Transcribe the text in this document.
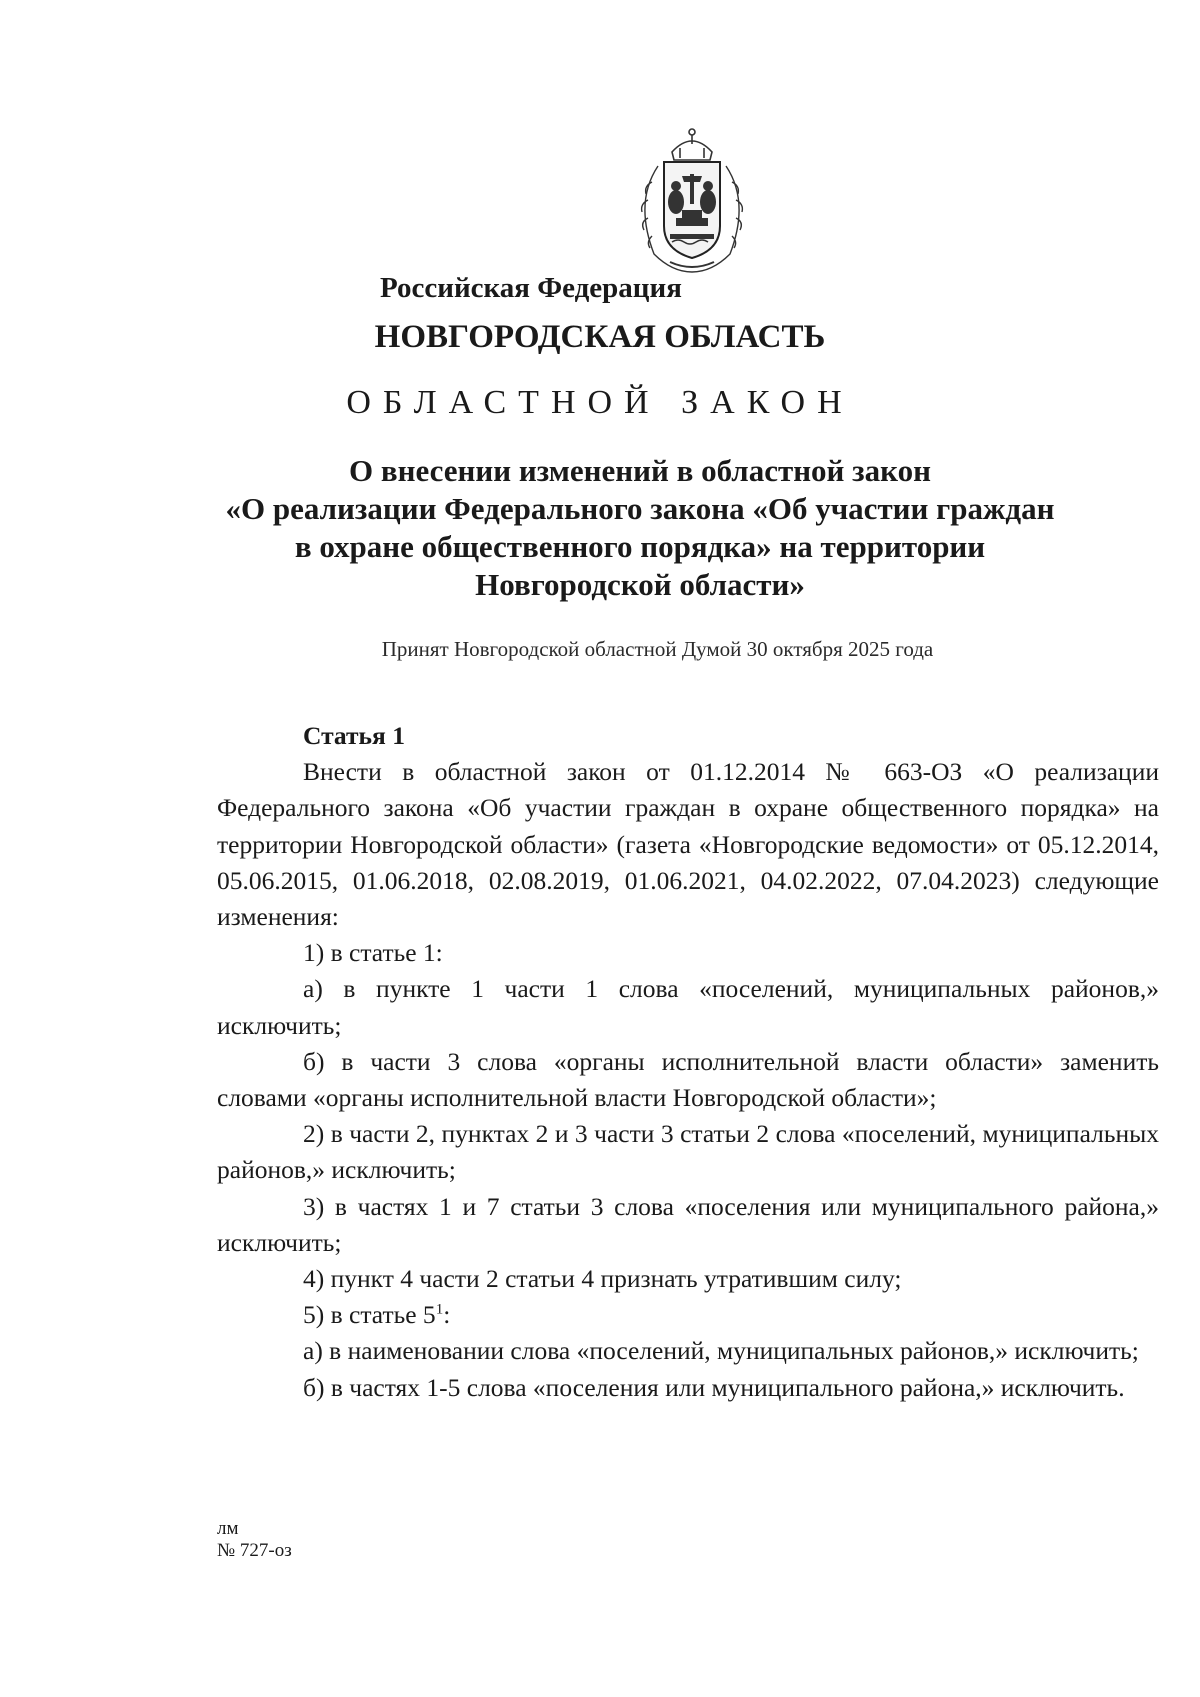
Российская Федерация
НОВГОРОДСКАЯ ОБЛАСТЬ
ОБЛАСТНОЙ ЗАКОН
О внесении изменений в областной закон
«О реализации Федерального закона «Об участии граждан
в охране общественного порядка» на территории
Новгородской области»
Принят Новгородской областной Думой 30 октября 2025 года

Статья 1

Внести в областной закон от 01.12.2014 № 663-ОЗ «О реализации Федерального закона «Об участии граждан в охране общественного порядка» на территории Новгородской области» (газета «Новгородские ведомости» от 05.12.2014, 05.06.2015, 01.06.2018, 02.08.2019, 01.06.2021, 04.02.2022, 07.04.2023) следующие изменения:

1) в статье 1:

а) в пункте 1 части 1 слова «поселений, муниципальных районов,» исключить;

б) в части 3 слова «органы исполнительной власти области» заменить словами «органы исполнительной власти Новгородской области»;

2) в части 2, пунктах 2 и 3 части 3 статьи 2 слова «поселений, муниципальных районов,» исключить;

3) в частях 1 и 7 статьи 3 слова «поселения или муниципального района,» исключить;

4) пункт 4 части 2 статьи 4 признать утратившим силу;

5) в статье $5^1$:

а) в наименовании слова «поселений, муниципальных районов,» исключить;

б) в частях 1-5 слова «поселения или муниципального района,» исключить.

лм
№ 727-оз
